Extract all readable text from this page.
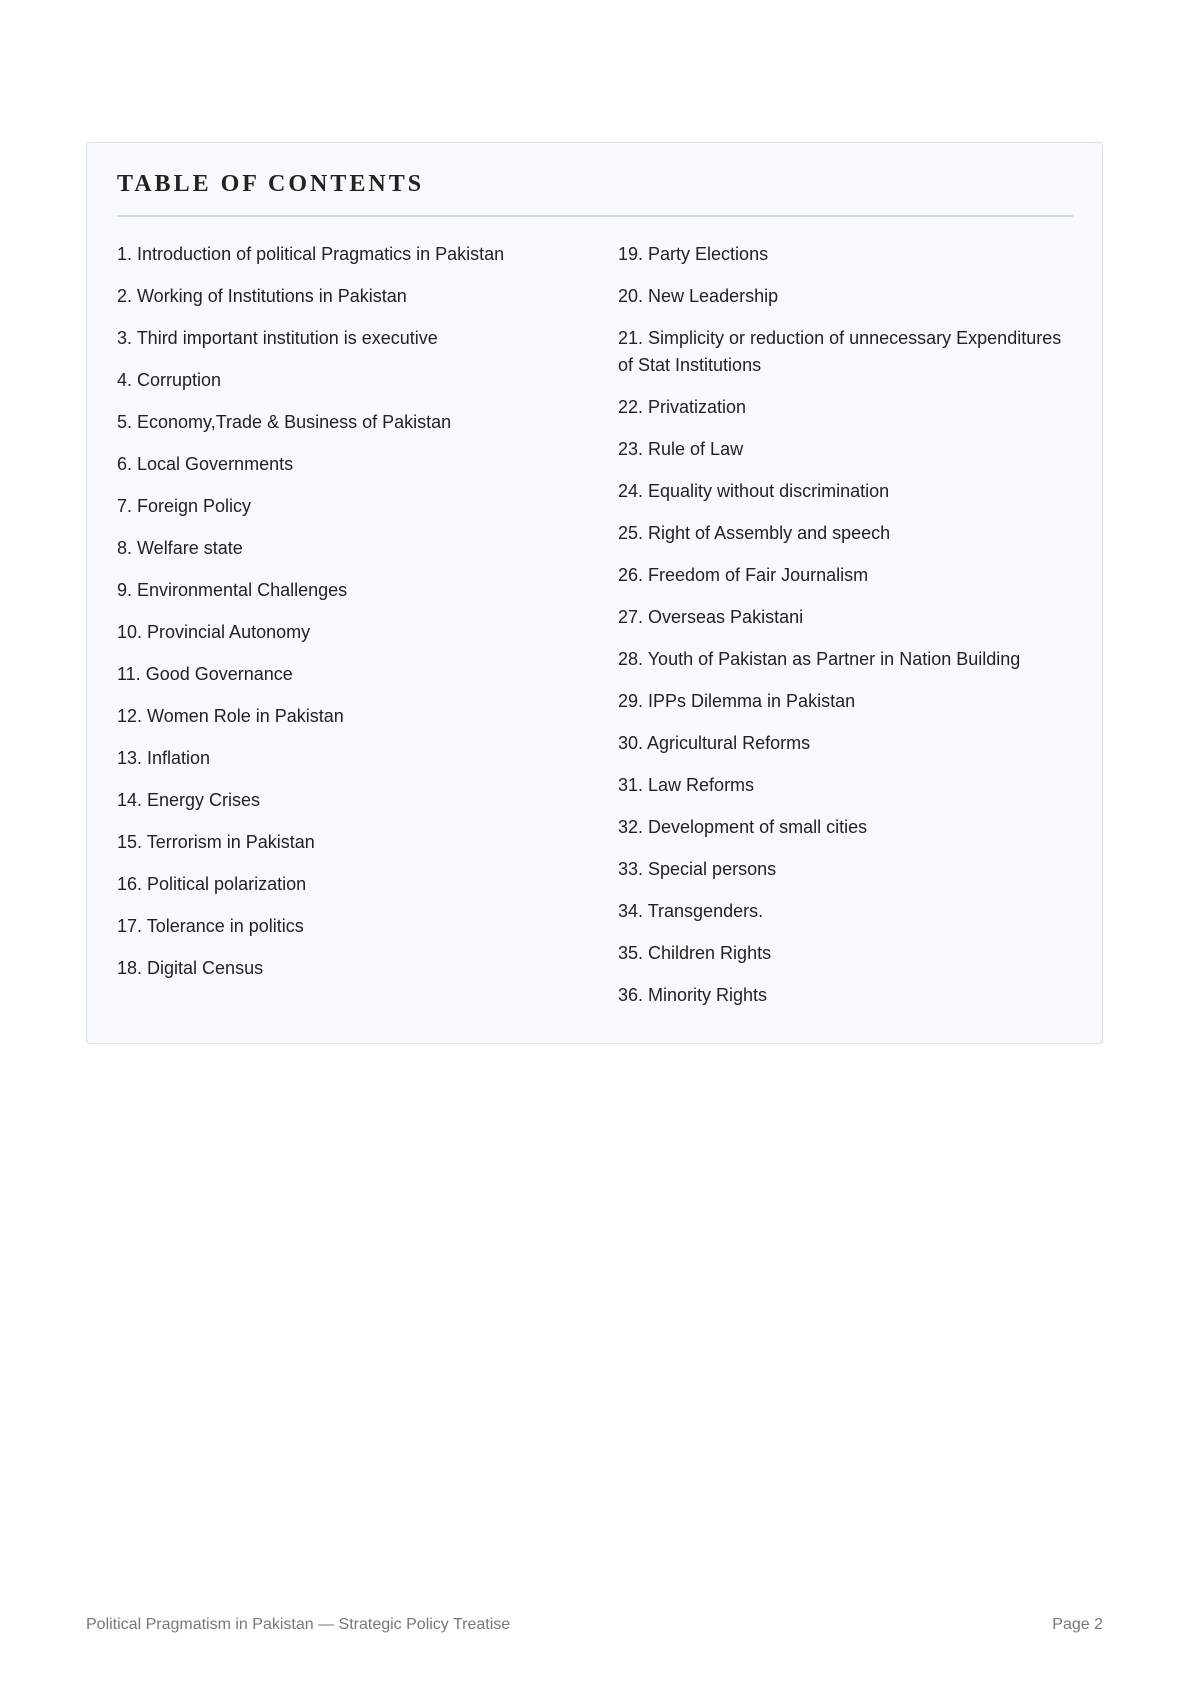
TABLE OF CONTENTS
1. Introduction of political Pragmatics in Pakistan
2. Working of Institutions in Pakistan
3. Third important institution is executive
4. Corruption
5. Economy,Trade & Business of Pakistan
6. Local Governments
7. Foreign Policy
8. Welfare state
9. Environmental Challenges
10. Provincial Autonomy
11. Good Governance
12. Women Role in Pakistan
13. Inflation
14. Energy Crises
15. Terrorism in Pakistan
16. Political polarization
17. Tolerance in politics
18. Digital Census
19. Party Elections
20. New Leadership
21. Simplicity or reduction of unnecessary Expenditures of Stat Institutions
22. Privatization
23. Rule of Law
24. Equality without discrimination
25. Right of Assembly and speech
26. Freedom of Fair Journalism
27. Overseas Pakistani
28. Youth of Pakistan as Partner in Nation Building
29. IPPs Dilemma in Pakistan
30. Agricultural Reforms
31. Law Reforms
32. Development of small cities
33. Special persons
34. Transgenders.
35. Children Rights
36. Minority Rights
Political Pragmatism in Pakistan — Strategic Policy Treatise	Page 2
